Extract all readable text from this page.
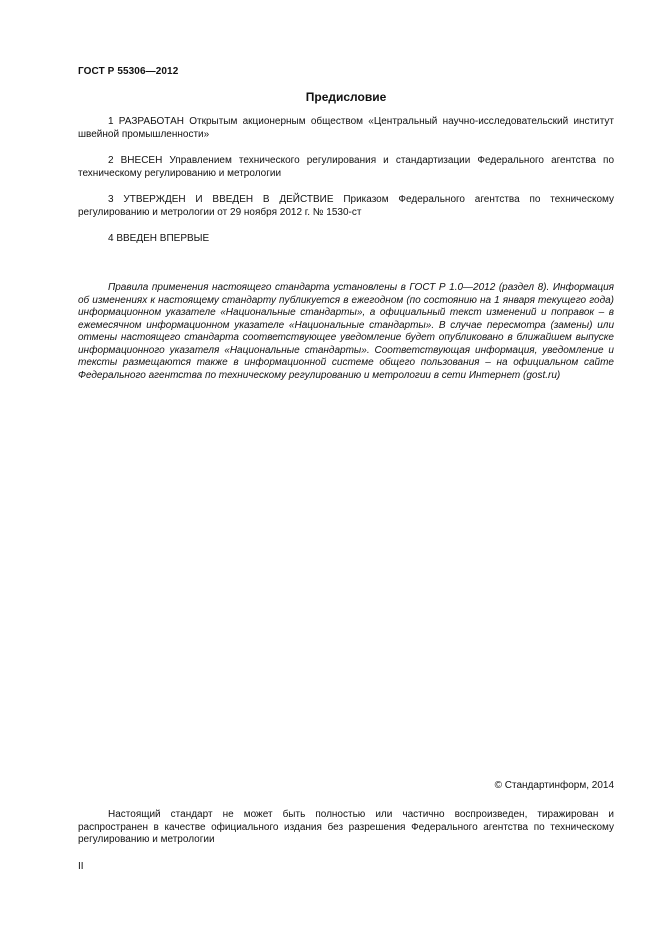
ГОСТ Р 55306—2012
Предисловие

1 РАЗРАБОТАН Открытым акционерным обществом «Центральный научно-исследовательский институт швейной промышленности»

2 ВНЕСЕН Управлением технического регулирования и стандартизации Федерального агентства по техническому регулированию и метрологии

3 УТВЕРЖДЕН И ВВЕДЕН В ДЕЙСТВИЕ Приказом Федерального агентства по техническому регулированию и метрологии от 29 ноября 2012 г. № 1530-ст

4 ВВЕДЕН ВПЕРВЫЕ

Правила применения настоящего стандарта установлены в ГОСТ Р 1.0—2012 (раздел 8). Информация об изменениях к настоящему стандарту публикуется в ежегодном (по состоянию на 1 января текущего года) информационном указателе «Национальные стандарты», а официальный текст изменений и поправок – в ежемесячном информационном указателе «Национальные стандарты». В случае пересмотра (замены) или отмены настоящего стандарта соответствующее уведомление будет опубликовано в ближайшем выпуске информационного указателя «Национальные стандарты». Соответствующая информация, уведомление и тексты размещаются также в информационной системе общего пользования – на официальном сайте Федерального агентства по техническому регулированию и метрологии в сети Интернет (gost.ru)

© Стандартинформ, 2014

Настоящий стандарт не может быть полностью или частично воспроизведен, тиражирован и распространен в качестве официального издания без разрешения Федерального агентства по техническому регулированию и метрологии

II
